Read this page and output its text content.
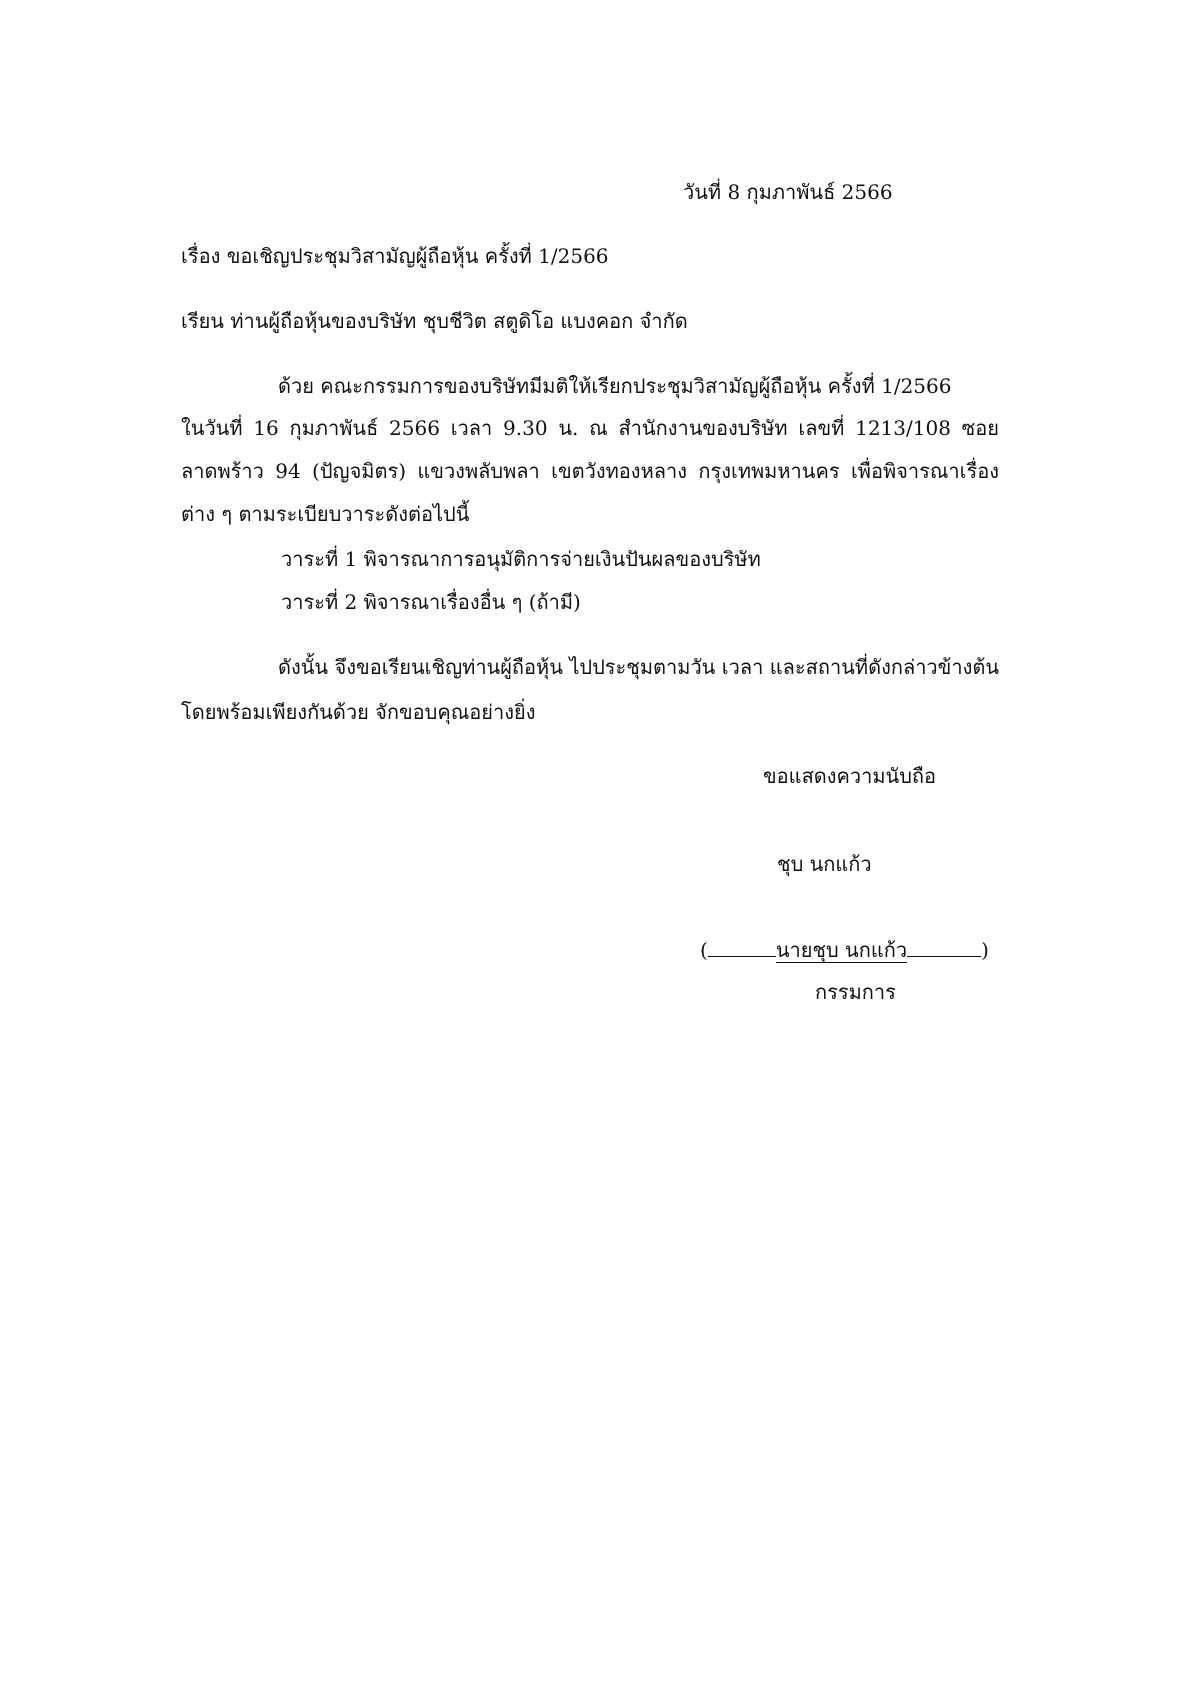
วันที่ 8 กุมภาพันธ์ 2566
เรื่อง ขอเชิญประชุมวิสามัญผู้ถือหุ้น ครั้งที่ 1/2566
เรียน ท่านผู้ถือหุ้นของบริษัท ชุบชีวิต สตูดิโอ แบงคอก จำกัด
ด้วย คณะกรรมการของบริษัทมีมติให้เรียกประชุมวิสามัญผู้ถือหุ้น ครั้งที่ 1/2566
ในวันที่ 16 กุมภาพันธ์ 2566 เวลา 9.30 น. ณ สำนักงานของบริษัท เลขที่ 1213/108 ซอย
ลาดพร้าว 94 (ปัญจมิตร) แขวงพลับพลา เขตวังทองหลาง กรุงเทพมหานคร เพื่อพิจารณาเรื่อง
ต่าง ๆ ตามระเบียบวาระดังต่อไปนี้
วาระที่ 1 พิจารณาการอนุมัติการจ่ายเงินปันผลของบริษัท
วาระที่ 2 พิจารณาเรื่องอื่น ๆ (ถ้ามี)
ดังนั้น จึงขอเรียนเชิญท่านผู้ถือหุ้น ไปประชุมตามวัน เวลา และสถานที่ดังกล่าวข้างต้น
โดยพร้อมเพียงกันด้วย จักขอบคุณอย่างยิ่ง
ขอแสดงความนับถือ
ชุบ นกแก้ว
(	นายชุบ นกแก้ว	)
กรรมการ
